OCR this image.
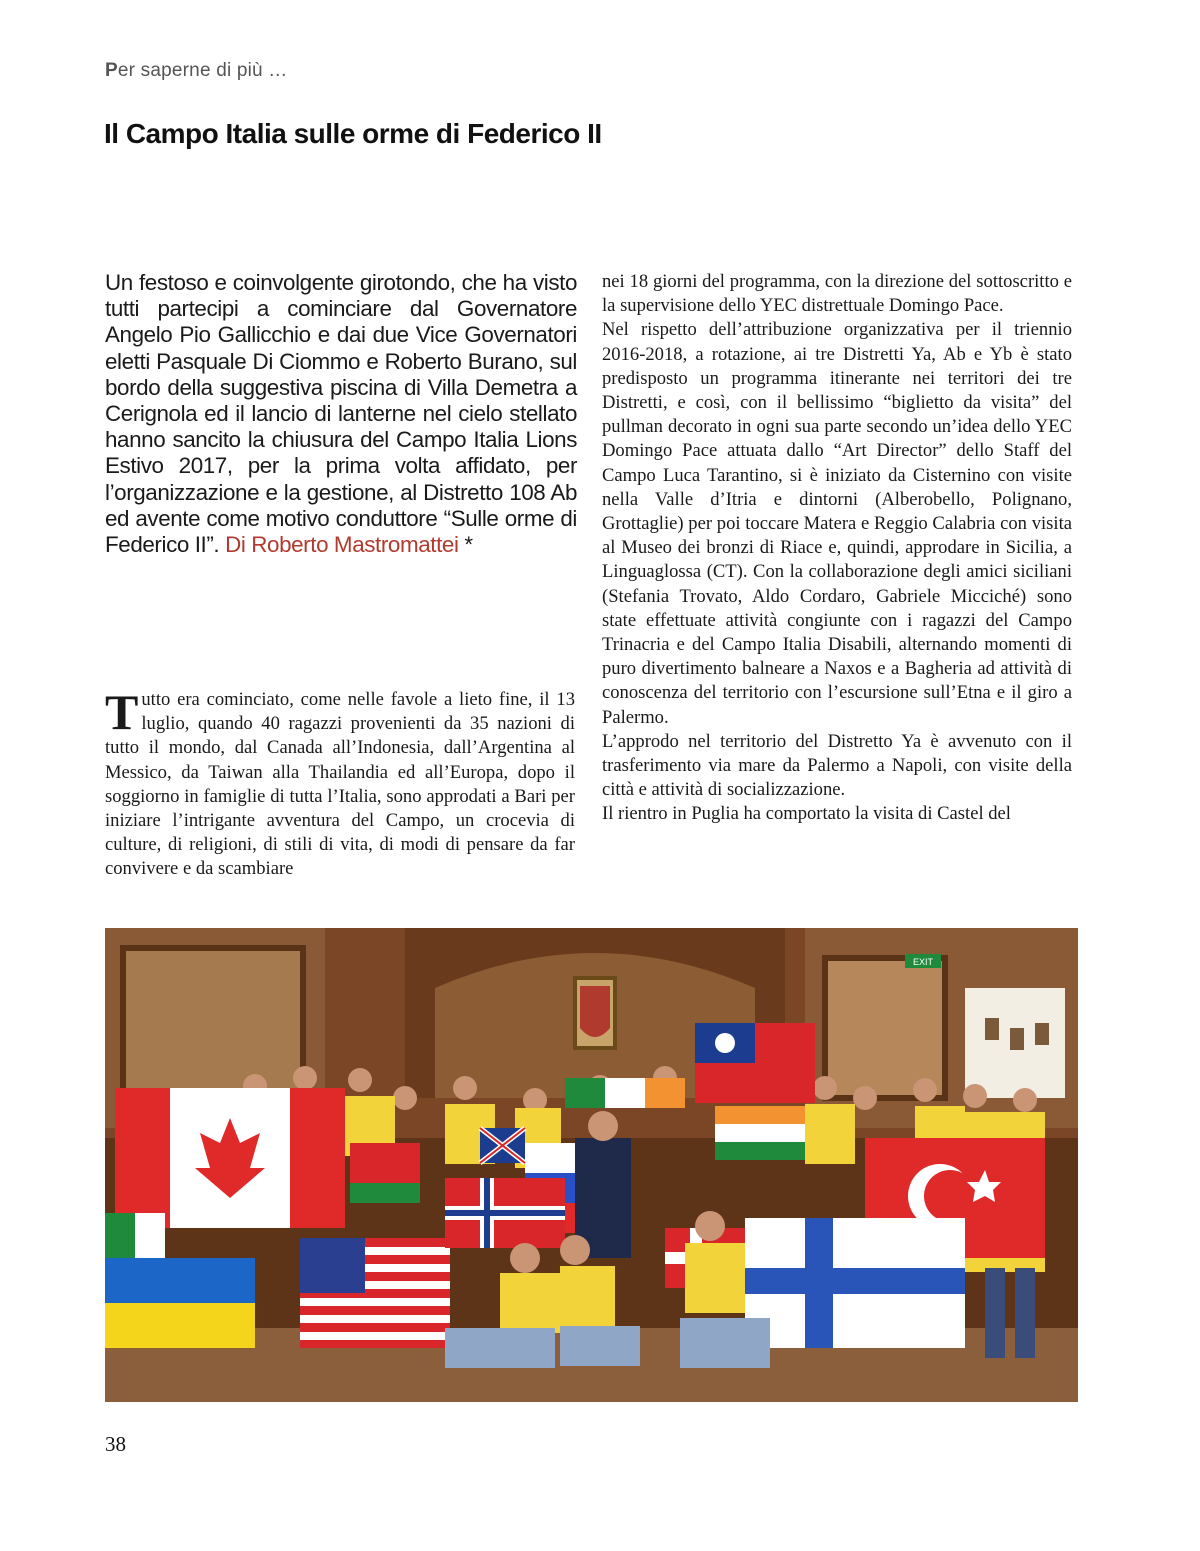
Per saperne di più …
Il Campo Italia sulle orme di Federico II
Un festoso e coinvolgente girotondo, che ha visto tutti partecipi a cominciare dal Governatore Angelo Pio Gallicchio e dai due Vice Governatori eletti Pasquale Di Ciommo e Roberto Burano, sul bordo della suggestiva piscina di Villa Demetra a Cerignola ed il lancio di lanterne nel cielo stellato hanno sancito la chiusura del Campo Italia Lions Estivo 2017, per la prima volta affidato, per l’organizzazione e la gestione, al Distretto 108 Ab ed avente come motivo conduttore “Sulle orme di Federico II”. Di Roberto Mastromattei *

Tutto era cominciato, come nelle favole a lieto fine, il 13 luglio, quando 40 ragazzi provenienti da 35 nazioni di tutto il mondo, dal Canada all’Indonesia, dall’Argentina al Messico, da Taiwan alla Thailandia ed all’Europa, dopo il soggiorno in famiglie di tutta l’Italia, sono approdati a Bari per iniziare l’intrigante avventura del Campo, un crocevia di culture, di religioni, di stili di vita, di modi di pensare da far convivere e da scambiare

nei 18 giorni del programma, con la direzione del sottoscritto e la supervisione dello YEC distrettuale Domingo Pace.

Nel rispetto dell’attribuzione organizzativa per il triennio 2016-2018, a rotazione, ai tre Distretti Ya, Ab e Yb è stato predisposto un programma itinerante nei territori dei tre Distretti, e così, con il bellissimo “biglietto da visita” del pullman decorato in ogni sua parte secondo un’idea dello YEC Domingo Pace attuata dallo “Art Director” dello Staff del Campo Luca Tarantino, si è iniziato da Cisternino con visite nella Valle d’Itria e dintorni (Alberobello, Polignano, Grottaglie) per poi toccare Matera e Reggio Calabria con visita al Museo dei bronzi di Riace e, quindi, approdare in Sicilia, a Linguaglossa (CT). Con la collaborazione degli amici siciliani (Stefania Trovato, Aldo Cordaro, Gabriele Micciché) sono state effettuate attività congiunte con i ragazzi del Campo Trinacria e del Campo Italia Disabili, alternando momenti di puro divertimento balneare a Naxos e a Bagheria ad attività di conoscenza del territorio con l’escursione sull’Etna e il giro a Palermo.

L’approdo nel territorio del Distretto Ya è avvenuto con il trasferimento via mare da Palermo a Napoli, con visite della città e attività di socializzazione.

Il rientro in Puglia ha comportato la visita di Castel del

EXIT
38
